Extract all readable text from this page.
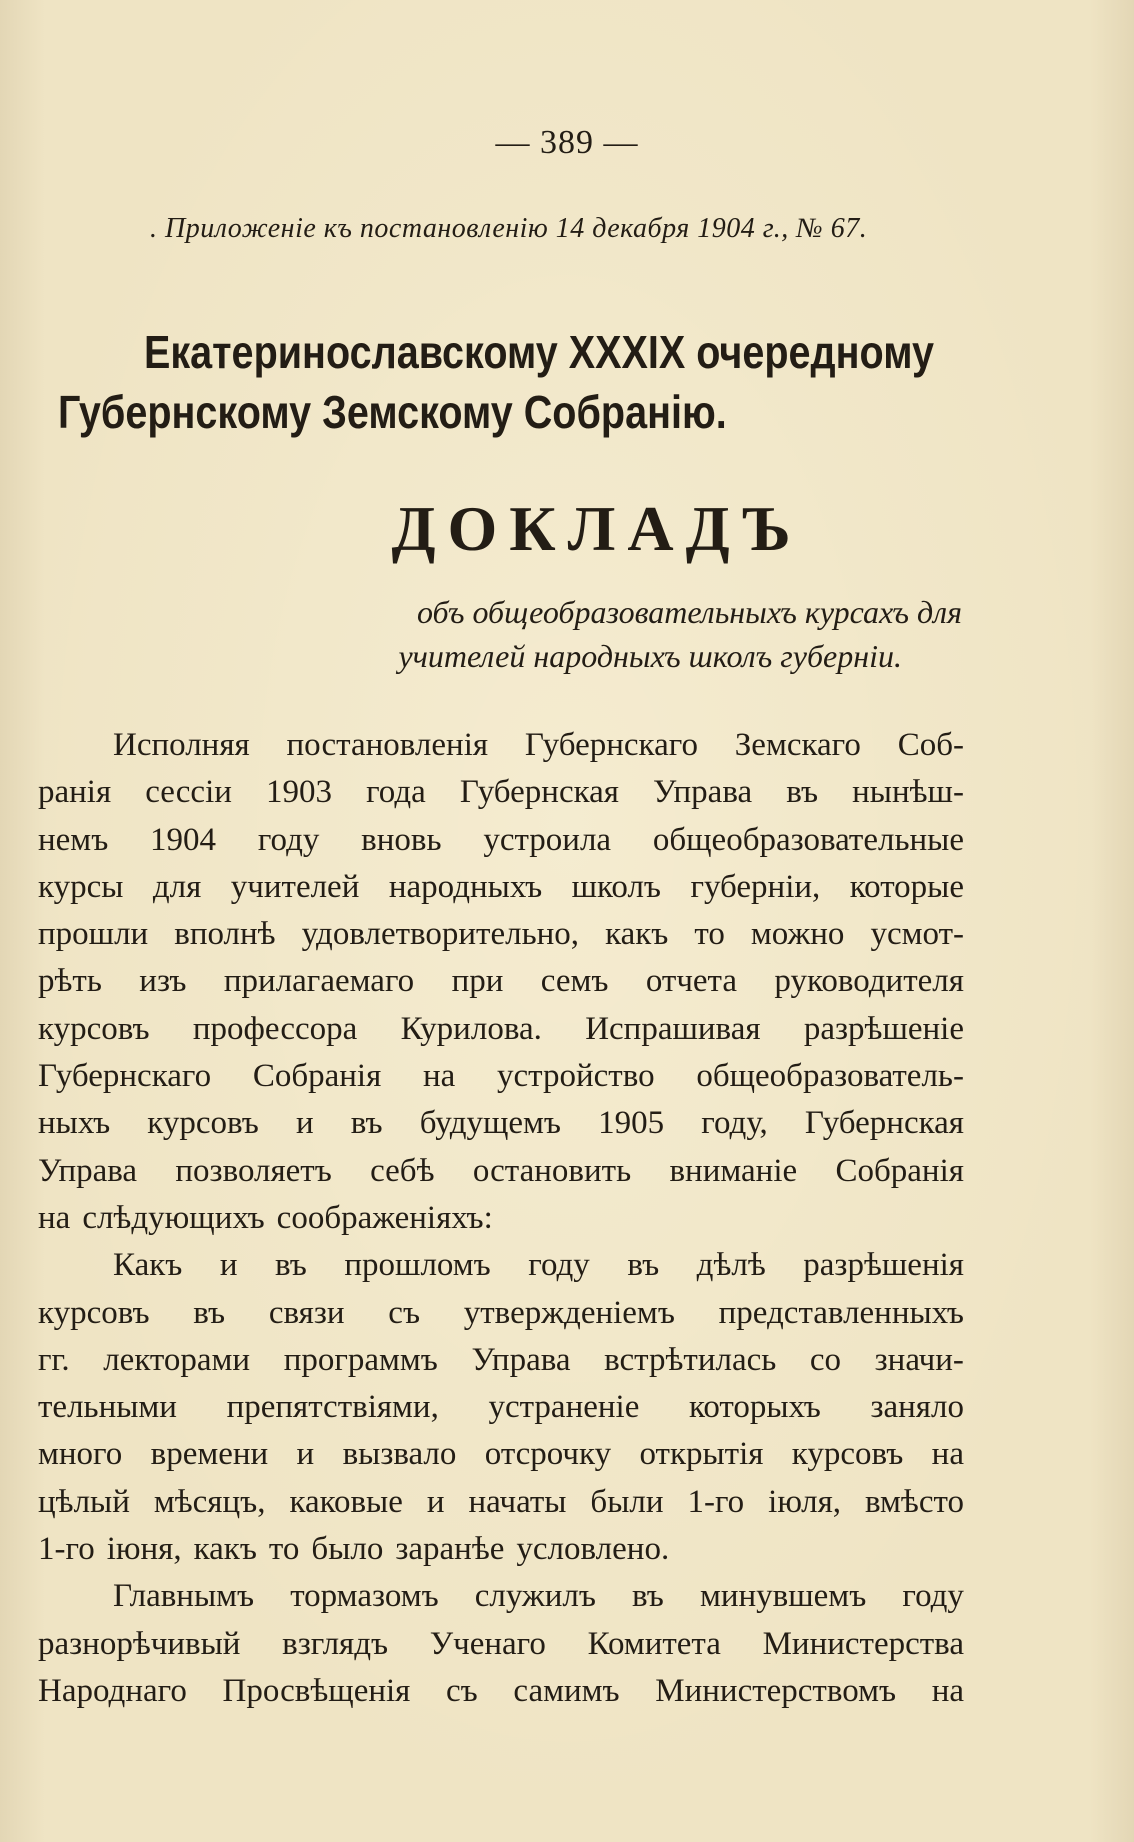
— 389 —
. Приложеніе къ постановленію 14 декабря 1904 г., № 67.
Екатеринославскому XXXIX очередному
Губернскому Земскому Собранію.
ДОКЛАДЪ
объ общеобразовательныхъ курсахъ для
учителей народныхъ школъ губерніи.
Исполняя постановленія Губернскаго Земскаго Соб-
ранія сессіи 1903 года Губернская Управа въ нынѣш-
немъ 1904 году вновь устроила общеобразовательные
курсы для учителей народныхъ школъ губерніи, которые
прошли вполнѣ удовлетворительно, какъ то можно усмот-
рѣть изъ прилагаемаго при семъ отчета руководителя
курсовъ профессора Курилова. Испрашивая разрѣшеніе
Губернскаго Собранія на устройство общеобразователь-
ныхъ курсовъ и въ будущемъ 1905 году, Губернская
Управа позволяетъ себѣ остановить вниманіе Собранія
на слѣдующихъ соображеніяхъ:
Какъ и въ прошломъ году въ дѣлѣ разрѣшенія
курсовъ въ связи съ утвержденіемъ представленныхъ
гг. лекторами программъ Управа встрѣтилась со значи-
тельными препятствіями, устраненіе которыхъ заняло
много времени и вызвало отсрочку открытія курсовъ на
цѣлый мѣсяцъ, каковые и начаты были 1-го іюля, вмѣсто
1-го іюня, какъ то было заранѣе условлено.
Главнымъ тормазомъ служилъ въ минувшемъ году
разнорѣчивый взглядъ Ученаго Комитета Министерства
Народнаго Просвѣщенія съ самимъ Министерствомъ на
